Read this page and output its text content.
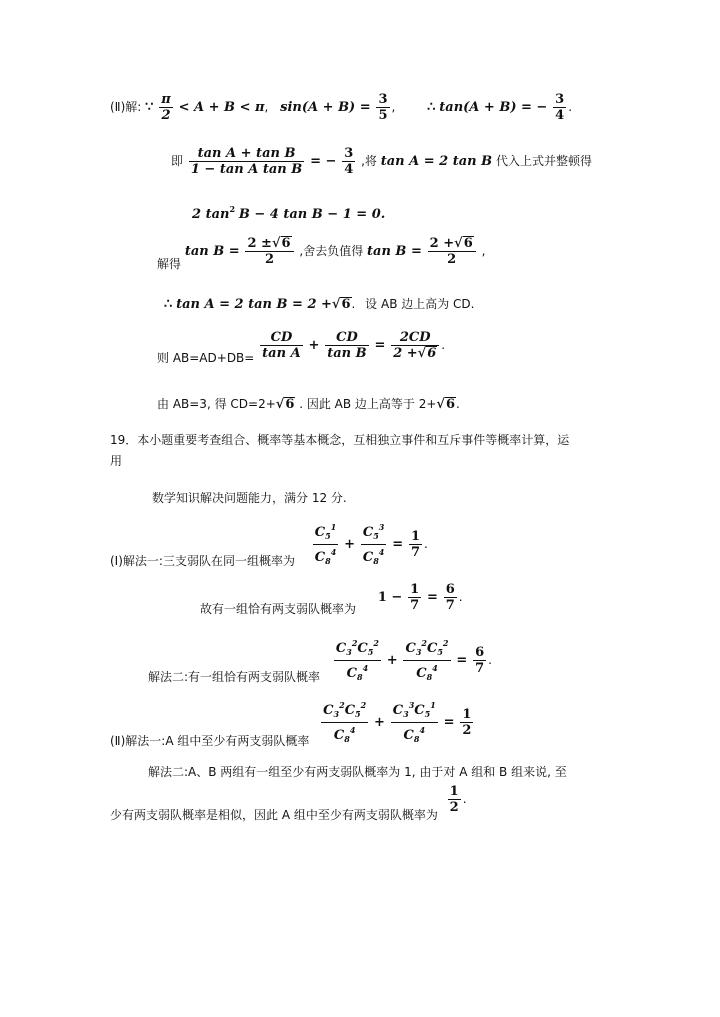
(Ⅱ)解: ∵ $\frac{\pi}{2} < A + B < \pi$, $\sin(A + B) = \frac{3}{5}$ , ∴ tan(A + B) = − $\frac{3}{4}$ .
即 $\frac{\text{tan A + tan B}}{\text{1 − tan A tan B}}$ = − $\frac{3}{4}$ ,将 tan A = 2 tan B 代入上式并整顿得
2 $\tan^2 B - 4$ tan B − 1 = 0.
解得 $\tan B = \frac{2 \pm√6}{2}$ ,舍去负值得 $\tan B = \frac{2 +√6}{2}$ ,
∴ tan A = 2 tan B = 2 +√6. 设 AB 边上高为 CD.
则 $AB=AD+DB= \frac{CD}{\text{tan A}} + \frac{CD}{\text{tan B}} = \frac{2CD}{2 +√6}$ .
由 AB=3, 得 CD=2+√6 . 因此 AB 边上高等于 2+√6.
19．本小题重要考查组合、概率等基本概念，互相独立事件和互斥事件等概率计算，运
用
数学知识解决问题能力，满分 12 分.
(Ⅰ)解法一:三支弱队在同一组概率为 $\frac{C_5^1}{C_8^4} + \frac{C_5^3}{C_8^4} = \frac{1}{7}$ .
故有一组恰有两支弱队概率为 $1 - \frac{1}{7} = \frac{6}{7}$ .
解法二:有一组恰有两支弱队概率 $\frac{C_3^2C_5^2}{C_8^4} + \frac{C_3^2C_5^2}{C_8^4} = \frac{6}{7}$ .
(Ⅱ)解法一:A 组中至少有两支弱队概率 $\frac{C_3^2C_5^2}{C_8^4} + \frac{C_3^3C_5^1}{C_8^4} = \frac{1}{2}$
解法二:A、B 两组有一组至少有两支弱队概率为 1, 由于对 A 组和 B 组来说, 至
少有两支弱队概率是相似，因此 A 组中至少有两支弱队概率为 $\frac{1}{2}$ .
